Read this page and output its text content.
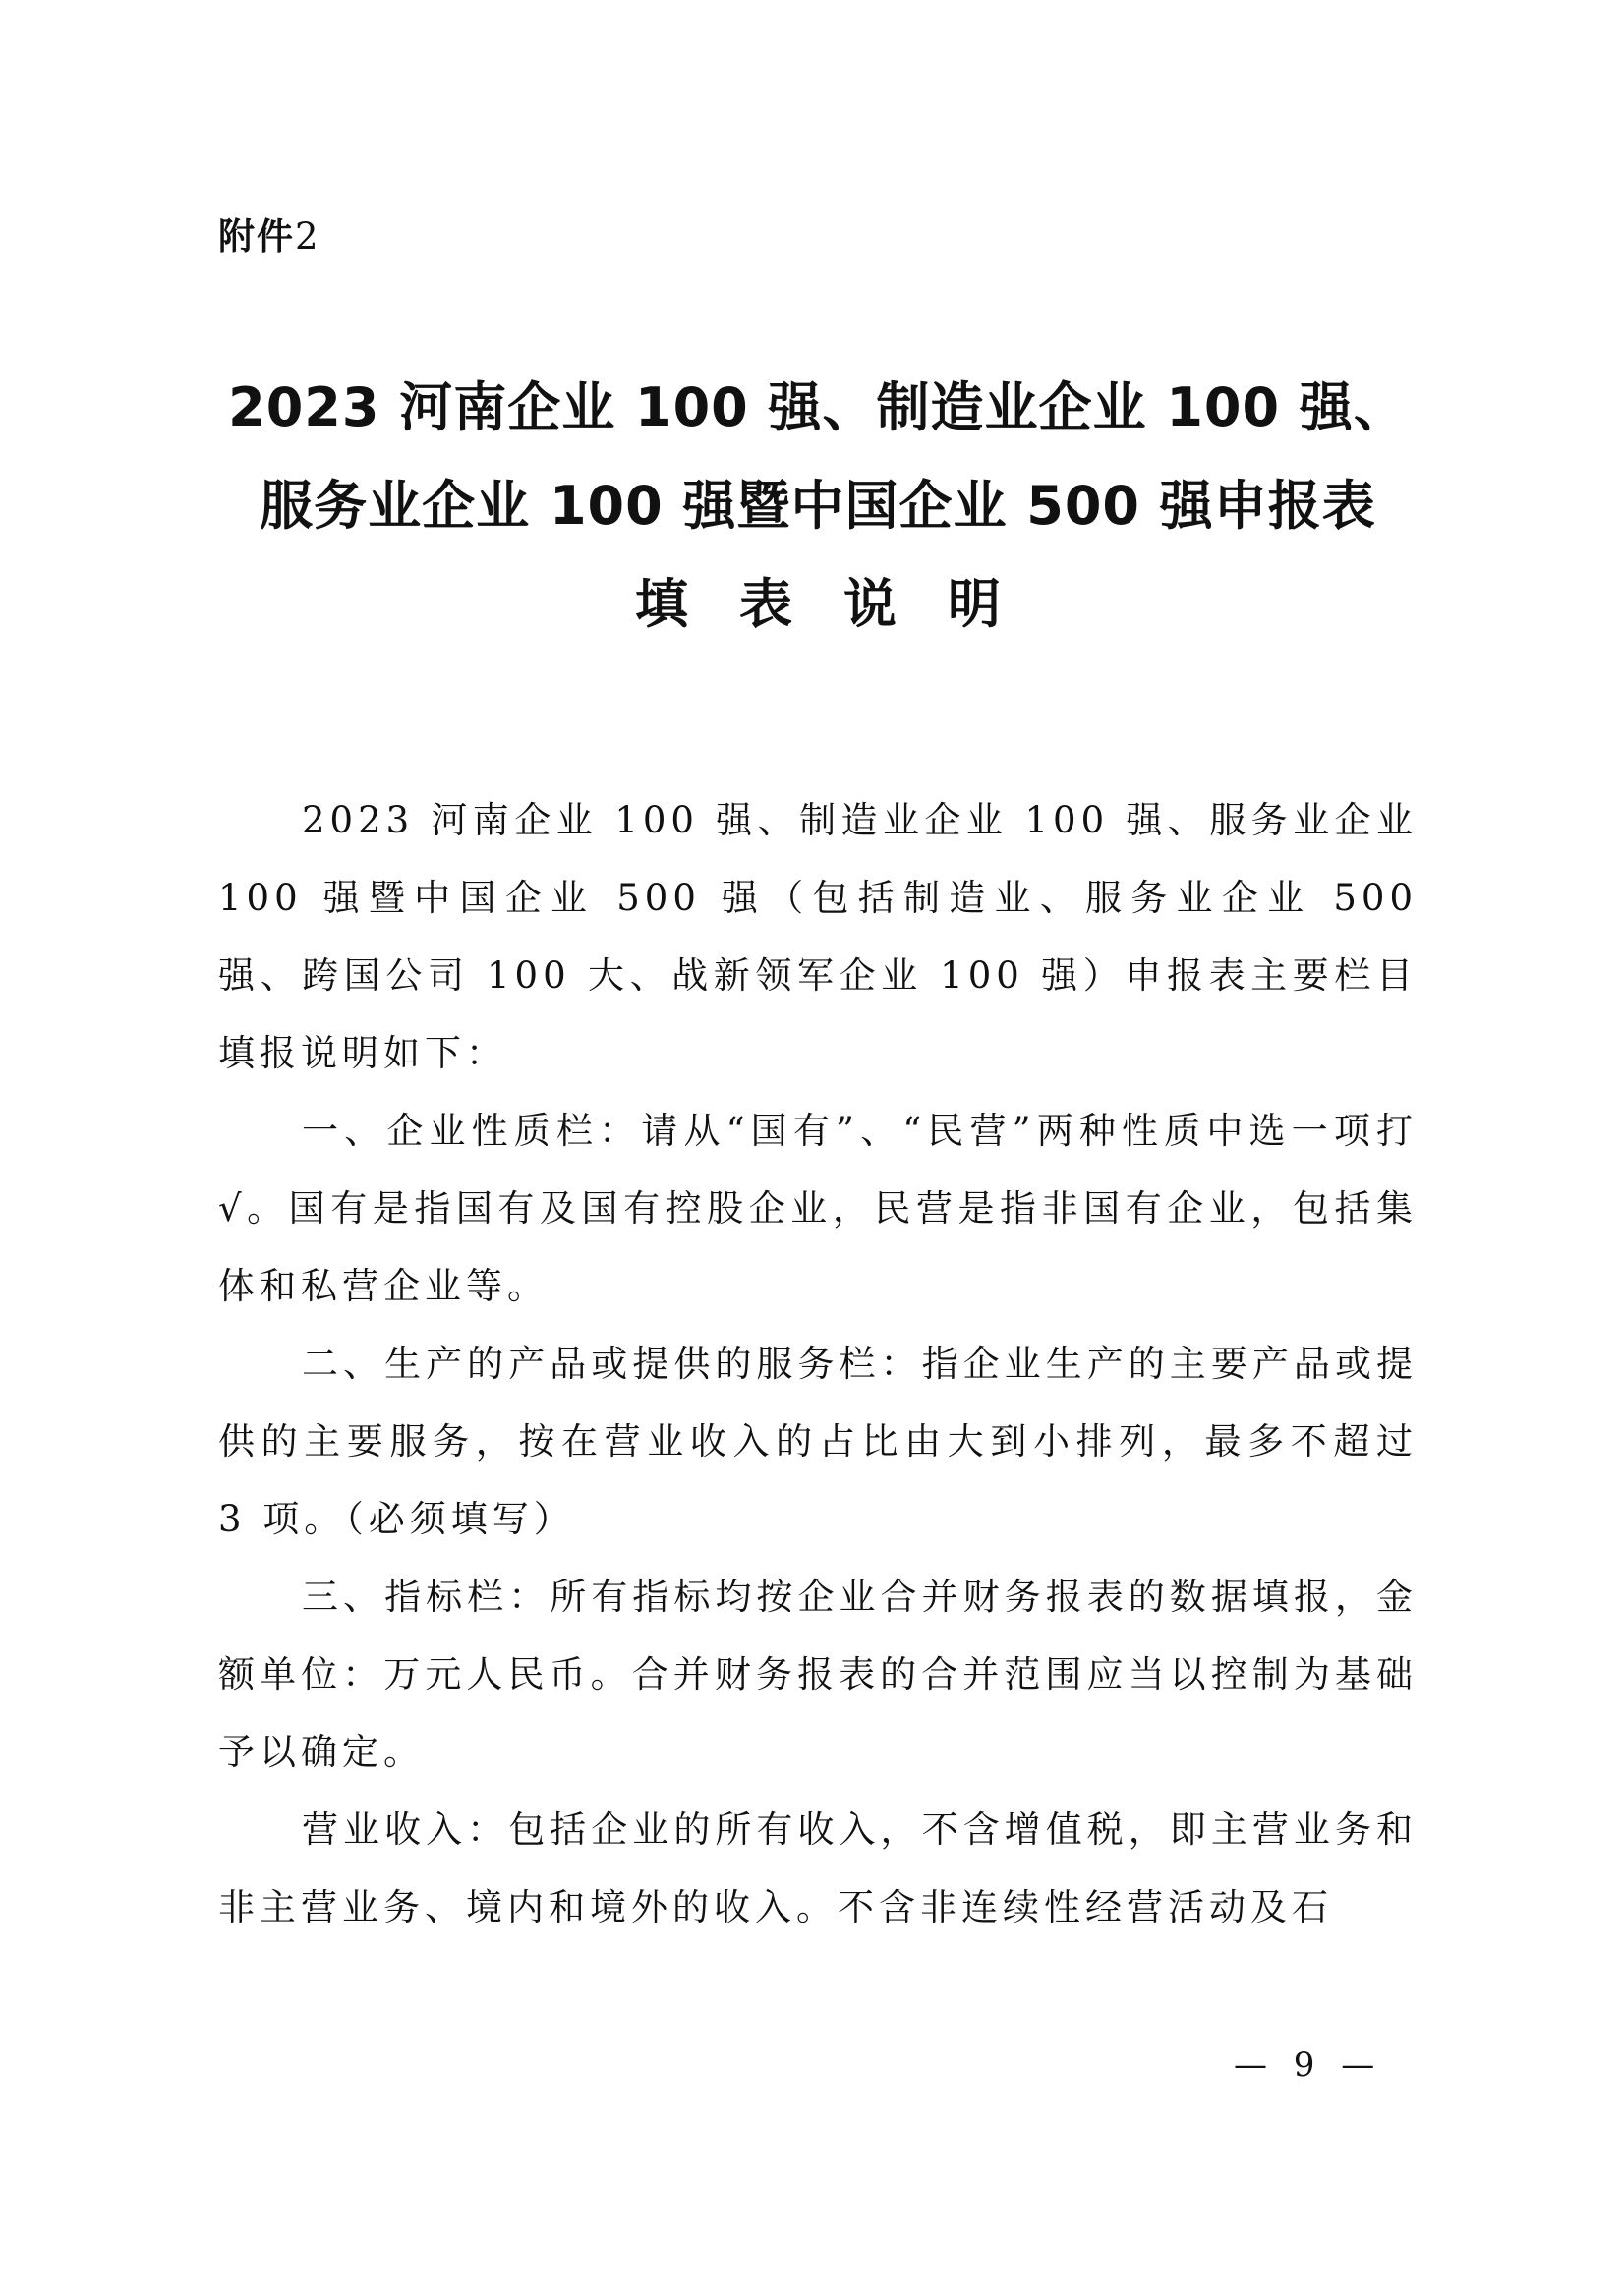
附件2
2023 河南企业 100 强、制造业企业 100 强、
服务业企业 100 强暨中国企业 500 强申报表
填表说明

2023 河南企业 100 强、制造业企业 100 强、服务业企业 100 强暨中国企业 500 强（包括制造业、服务业企业 500 强、跨国公司 100 大、战新领军企业 100 强）申报表主要栏目填报说明如下：

一、企业性质栏：请从“国有”、“民营”两种性质中选一项打√。国有是指国有及国有控股企业，民营是指非国有企业，包括集体和私营企业等。

二、生产的产品或提供的服务栏：指企业生产的主要产品或提供的主要服务，按在营业收入的占比由大到小排列，最多不超过 3 项。（必须填写）

三、指标栏：所有指标均按企业合并财务报表的数据填报，金额单位：万元人民币。合并财务报表的合并范围应当以控制为基础予以确定。

营业收入：包括企业的所有收入，不含增值税，即主营业务和非主营业务、境内和境外的收入。不含非连续性经营活动及石

— 9 —
